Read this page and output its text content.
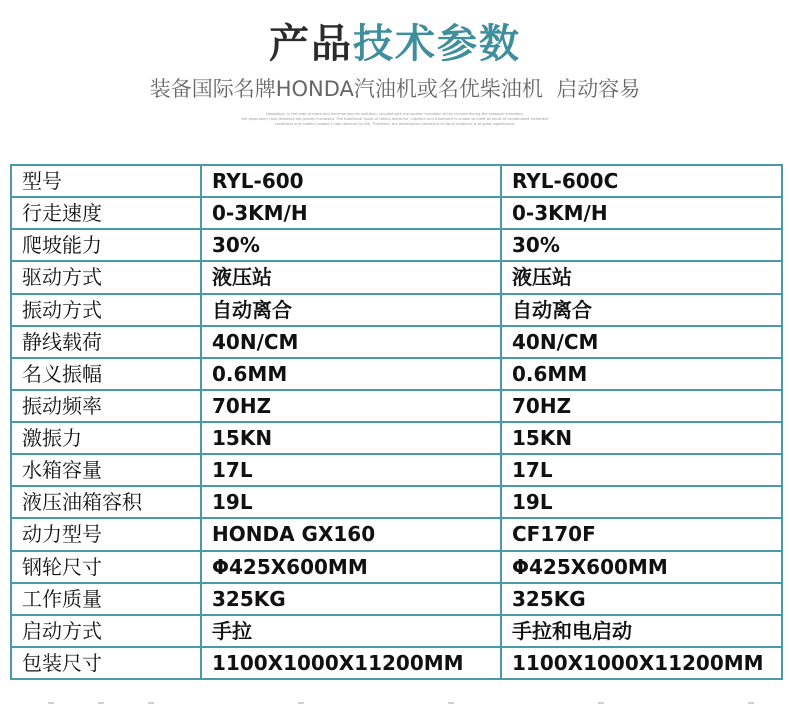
产品技术参数
装备国际名牌HONDA汽油机或名优柴油机  启动容易
Nowadays, in the case of more and more serious air pollution, coupled with the sudden transition of the climate during the seasonal transition,
the respiratory tract diseases are greatly increased. The traditional mode of taking medicine, injection and treatment is unable to meet all kinds of complicated treatment
conditions and modern people's high demand for life. Therefore, the atomization treatment of liquid medicine is of great significance.
型号	RYL-600	RYL-600C
行走速度	0-3KM/H	0-3KM/H
爬坡能力	30%	30%
驱动方式	液压站	液压站
振动方式	自动离合	自动离合
静线载荷	40N/CM	40N/CM
名义振幅	0.6MM	0.6MM
振动频率	70HZ	70HZ
激振力	15KN	15KN
水箱容量	17L	17L
液压油箱容积	19L	19L
动力型号	HONDA GX160	CF170F
钢轮尺寸	Φ425X600MM	Φ425X600MM
工作质量	325KG	325KG
启动方式	手拉	手拉和电启动
包装尺寸	1100X1000X11200MM	1100X1000X11200MM
